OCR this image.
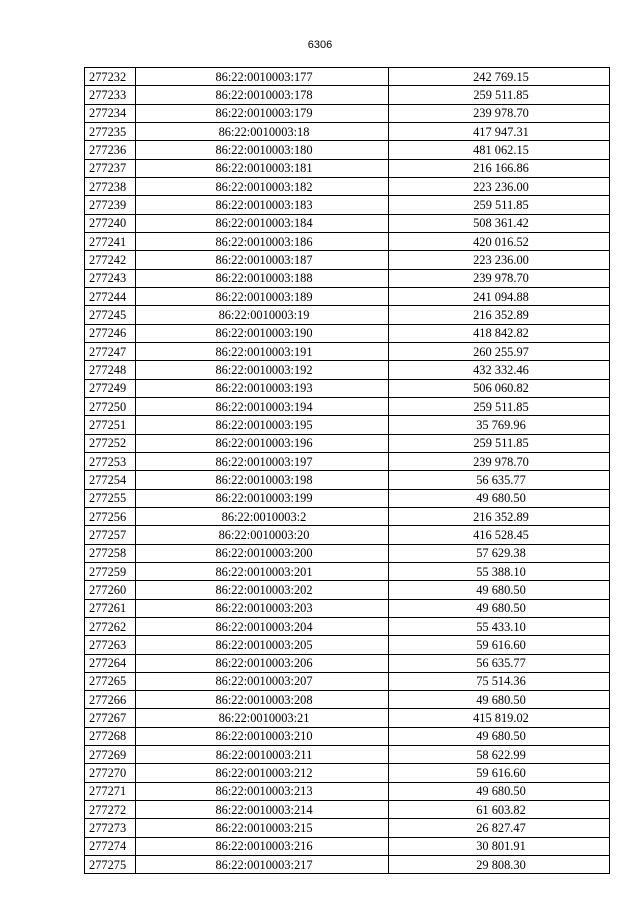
6306
277232	86:22:0010003:177	242 769.15
277233	86:22:0010003:178	259 511.85
277234	86:22:0010003:179	239 978.70
277235	86:22:0010003:18	417 947.31
277236	86:22:0010003:180	481 062.15
277237	86:22:0010003:181	216 166.86
277238	86:22:0010003:182	223 236.00
277239	86:22:0010003:183	259 511.85
277240	86:22:0010003:184	508 361.42
277241	86:22:0010003:186	420 016.52
277242	86:22:0010003:187	223 236.00
277243	86:22:0010003:188	239 978.70
277244	86:22:0010003:189	241 094.88
277245	86:22:0010003:19	216 352.89
277246	86:22:0010003:190	418 842.82
277247	86:22:0010003:191	260 255.97
277248	86:22:0010003:192	432 332.46
277249	86:22:0010003:193	506 060.82
277250	86:22:0010003:194	259 511.85
277251	86:22:0010003:195	35 769.96
277252	86:22:0010003:196	259 511.85
277253	86:22:0010003:197	239 978.70
277254	86:22:0010003:198	56 635.77
277255	86:22:0010003:199	49 680.50
277256	86:22:0010003:2	216 352.89
277257	86:22:0010003:20	416 528.45
277258	86:22:0010003:200	57 629.38
277259	86:22:0010003:201	55 388.10
277260	86:22:0010003:202	49 680.50
277261	86:22:0010003:203	49 680.50
277262	86:22:0010003:204	55 433.10
277263	86:22:0010003:205	59 616.60
277264	86:22:0010003:206	56 635.77
277265	86:22:0010003:207	75 514.36
277266	86:22:0010003:208	49 680.50
277267	86:22:0010003:21	415 819.02
277268	86:22:0010003:210	49 680.50
277269	86:22:0010003:211	58 622.99
277270	86:22:0010003:212	59 616.60
277271	86:22:0010003:213	49 680.50
277272	86:22:0010003:214	61 603.82
277273	86:22:0010003:215	26 827.47
277274	86:22:0010003:216	30 801.91
277275	86:22:0010003:217	29 808.30
